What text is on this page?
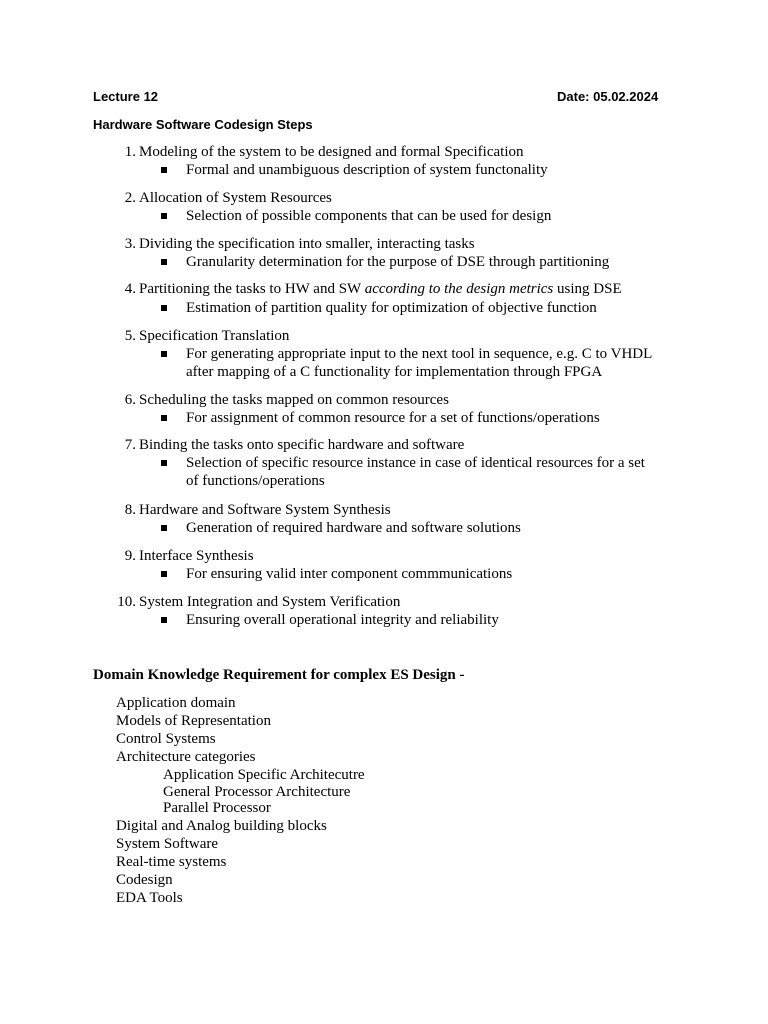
Lecture 12	Date: 05.02.2024
Hardware Software Codesign Steps
1. Modeling of the system to be designed and formal Specification
Formal and unambiguous description of system functonality
2. Allocation of System Resources
Selection of possible components that can be used for design
3. Dividing the specification into smaller, interacting tasks
Granularity determination for the purpose of DSE through partitioning
4. Partitioning the tasks to HW and SW according to the design metrics using DSE
Estimation of partition quality for optimization of objective function
5. Specification Translation
For generating appropriate input to the next tool in sequence, e.g. C to VHDL
after mapping of a C functionality for implementation through FPGA
6. Scheduling the tasks mapped on common resources
For assignment of common resource for a set of functions/operations
7. Binding the tasks onto specific hardware and software
Selection of specific resource instance in case of identical resources for a set
of functions/operations
8. Hardware and Software System Synthesis
Generation of required hardware and software solutions
9. Interface Synthesis
For ensuring valid inter component commmunications
10. System Integration and System Verification
Ensuring overall operational integrity and reliability
Domain Knowledge Requirement for complex ES Design -
Application domain
Models of Representation
Control Systems
Architecture categories
Application Specific Architecutre
General Processor Architecture
Parallel Processor
Digital and Analog building blocks
System Software
Real-time systems
Codesign
EDA Tools
